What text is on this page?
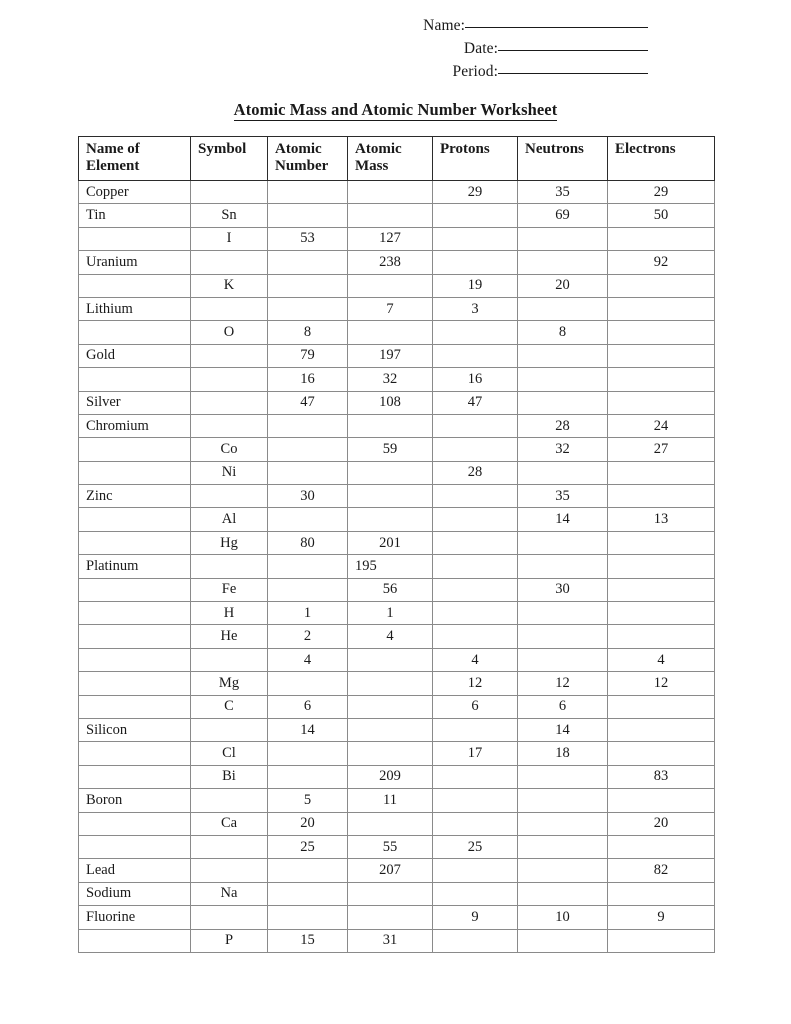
Name:
Date:
Period:
Atomic Mass and Atomic Number Worksheet
Name of Element	Symbol	Atomic Number	Atomic Mass	Protons	Neutrons	Electrons
Copper				29	35	29
Tin	Sn				69	50
	I	53	127			
Uranium			238			92
	K			19	20	
Lithium			7	3		
	O	8			8	
Gold		79	197			
		16	32	16		
Silver		47	108	47		
Chromium					28	24
	Co		59		32	27
	Ni			28		
Zinc		30			35	
	Al				14	13
	Hg	80	201			
Platinum			195			
	Fe		56		30	
	H	1	1			
	He	2	4			
		4		4		4
	Mg			12	12	12
	C	6		6	6	
Silicon		14			14	
	Cl			17	18	
	Bi		209			83
Boron		5	11			
	Ca	20				20
		25	55	25		
Lead			207			82
Sodium	Na					
Fluorine				9	10	9
	P	15	31			
